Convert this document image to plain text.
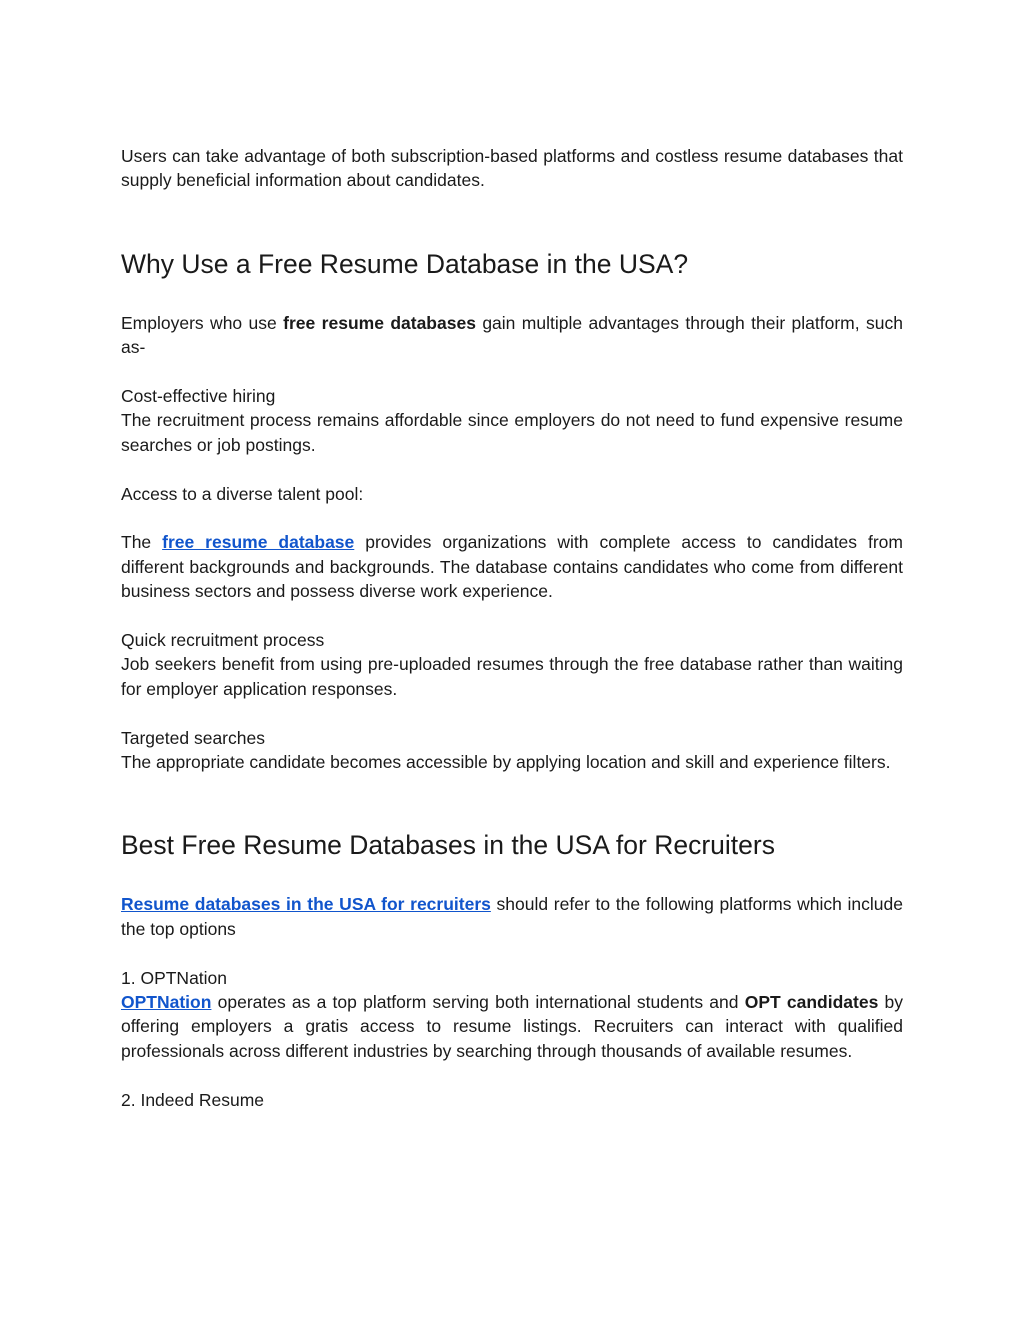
Users can take advantage of both subscription-based platforms and costless resume databases that supply beneficial information about candidates.

Why Use a Free Resume Database in the USA?

Employers who use free resume databases gain multiple advantages through their platform, such as-

Cost-effective hiring

The recruitment process remains affordable since employers do not need to fund expensive resume searches or job postings.

Access to a diverse talent pool:

The free resume database provides organizations with complete access to candidates from different backgrounds and backgrounds. The database contains candidates who come from different business sectors and possess diverse work experience.

Quick recruitment process

Job seekers benefit from using pre-uploaded resumes through the free database rather than waiting for employer application responses.

Targeted searches

The appropriate candidate becomes accessible by applying location and skill and experience filters.

Best Free Resume Databases in the USA for Recruiters

Resume databases in the USA for recruiters should refer to the following platforms which include the top options

1. OPTNation

OPTNation operates as a top platform serving both international students and OPT candidates by offering employers a gratis access to resume listings. Recruiters can interact with qualified professionals across different industries by searching through thousands of available resumes.

2. Indeed Resume
